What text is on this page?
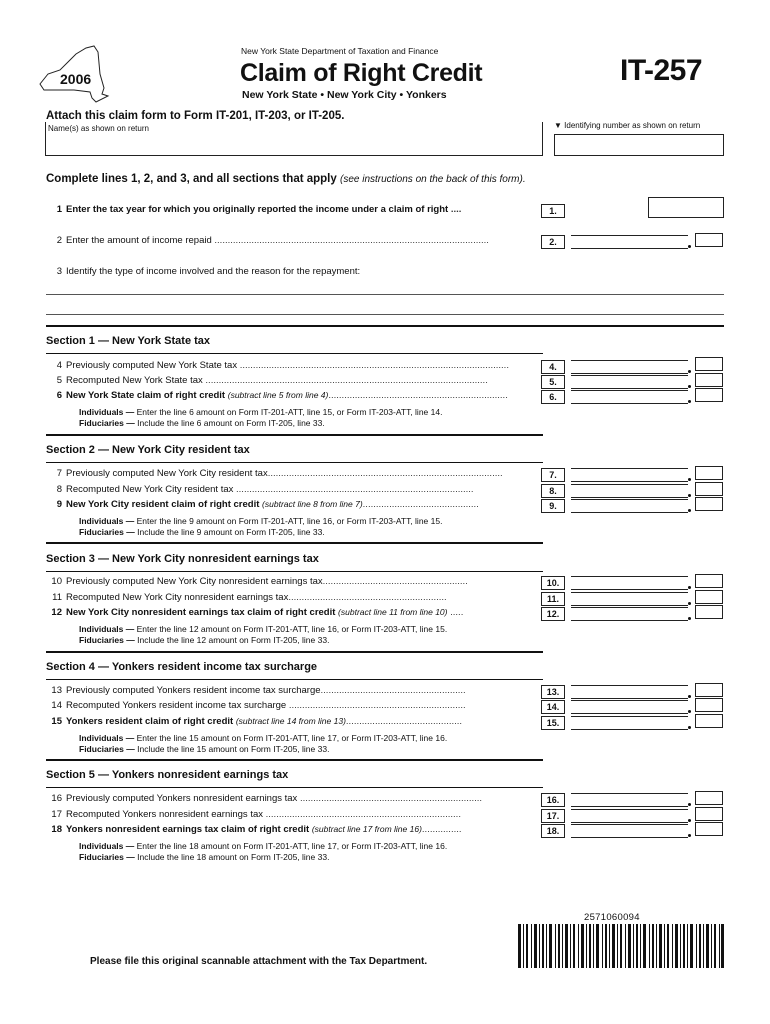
2006
New York State Department of Taxation and Finance
Claim of Right Credit
New York State • New York City • Yonkers
IT-257
Attach this claim form to Form IT-201, IT-203, or IT-205.
Name(s) as shown on return	▼ Identifying number as shown on return
Complete lines 1, 2, and 3, and all sections that apply (see instructions on the back of this form).
1 Enter the tax year for which you originally reported the income under a claim of right ....	1.
2 Enter the amount of income repaid ........................................................................................................	2.
3 Identify the type of income involved and the reason for the repayment:
Section 1 — New York State tax
4 Previously computed New York State tax ......................................................................................................	4.
5 Recomputed New York State tax ...........................................................................................................	5.
6 New York State claim of right credit (subtract line 5 from line 4)....................................................................	6.
Individuals — Enter the line 6 amount on Form IT-201-ATT, line 15, or Form IT-203-ATT, line 14.
Fiduciaries — Include the line 6 amount on Form IT-205, line 33.
Section 2 — New York City resident tax
7 Previously computed New York City resident tax.........................................................................................	7.
8 Recomputed New York City resident tax ..........................................................................................	8.
9 New York City resident claim of right credit (subtract line 8 from line 7)............................................	9.
Individuals — Enter the line 9 amount on Form IT-201-ATT, line 16, or Form IT-203-ATT, line 15.
Fiduciaries — Include the line 9 amount on Form IT-205, line 33.
Section 3 — New York City nonresident earnings tax
10 Previously computed New York City nonresident earnings tax.......................................................	10.
11 Recomputed New York City nonresident earnings tax............................................................	11.
12 New York City nonresident earnings tax claim of right credit (subtract line 11 from line 10) .....	12.
Individuals — Enter the line 12 amount on Form IT-201-ATT, line 16, or Form IT-203-ATT, line 15.
Fiduciaries — Include the line 12 amount on Form IT-205, line 33.
Section 4 — Yonkers resident income tax surcharge
13 Previously computed Yonkers resident income tax surcharge.......................................................	13.
14 Recomputed Yonkers resident income tax surcharge ...................................................................	14.
15 Yonkers resident claim of right credit (subtract line 14 from line 13)............................................	15.
Individuals — Enter the line 15 amount on Form IT-201-ATT, line 17, or Form IT-203-ATT, line 16.
Fiduciaries — Include the line 15 amount on Form IT-205, line 33.
Section 5 — Yonkers nonresident earnings tax
16 Previously computed Yonkers nonresident earnings tax .....................................................................	16.
17 Recomputed Yonkers nonresident earnings tax ..........................................................................	17.
18 Yonkers nonresident earnings tax claim of right credit (subtract line 17 from line 16)...............	18.
Individuals — Enter the line 18 amount on Form IT-201-ATT, line 17, or Form IT-203-ATT, line 16.
Fiduciaries — Include the line 18 amount on Form IT-205, line 33.
2571060094
Please file this original scannable attachment with the Tax Department.
